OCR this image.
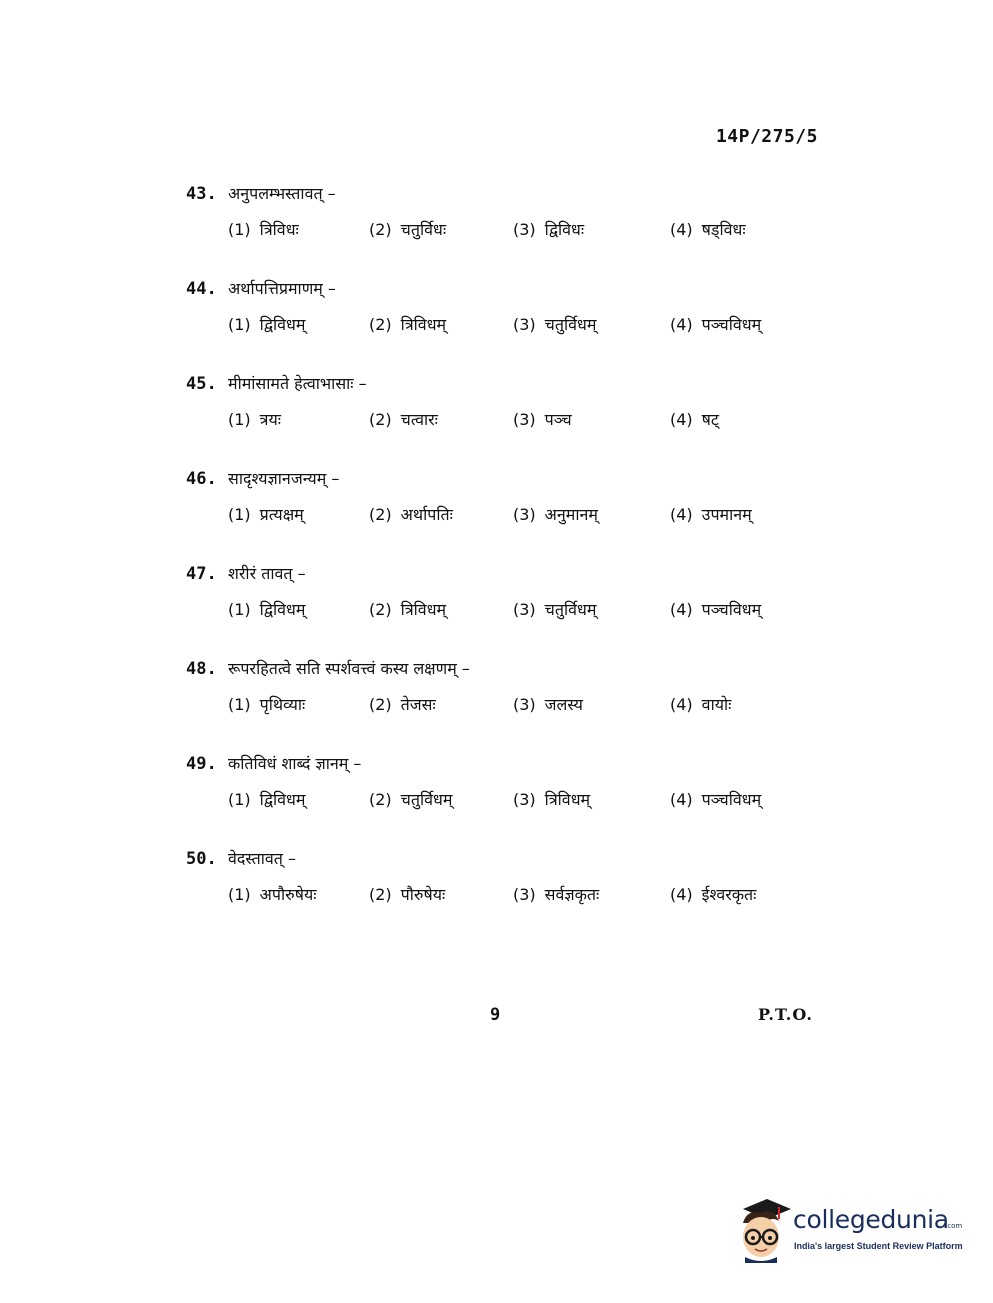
14P/275/5
43. अनुपलम्भस्तावत् –
(1) त्रिविधः	(2) चतुर्विधः	(3) द्विविधः	(4) षड्विधः
44. अर्थापत्तिप्रमाणम् –
(1) द्विविधम्	(2) त्रिविधम्	(3) चतुर्विधम्	(4) पञ्चविधम्
45. मीमांसामते हेत्वाभासाः –
(1) त्रयः	(2) चत्वारः	(3) पञ्च	(4) षट्
46. सादृश्यज्ञानजन्यम् –
(1) प्रत्यक्षम्	(2) अर्थापतिः	(3) अनुमानम्	(4) उपमानम्
47. शरीरं तावत् –
(1) द्विविधम्	(2) त्रिविधम्	(3) चतुर्विधम्	(4) पञ्चविधम्
48. रूपरहितत्वे सति स्पर्शवत्त्वं कस्य लक्षणम् –
(1) पृथिव्याः	(2) तेजसः	(3) जलस्य	(4) वायोः
49. कतिविधं शाब्दं ज्ञानम् –
(1) द्विविधम्	(2) चतुर्विधम्	(3) त्रिविधम्	(4) पञ्चविधम्
50. वेदस्तावत् –
(1) अपौरुषेयः	(2) पौरुषेयः	(3) सर्वज्ञकृतः	(4) ईश्वरकृतः
9	P.T.O.
collegedunia
.com
India's largest Student Review Platform
